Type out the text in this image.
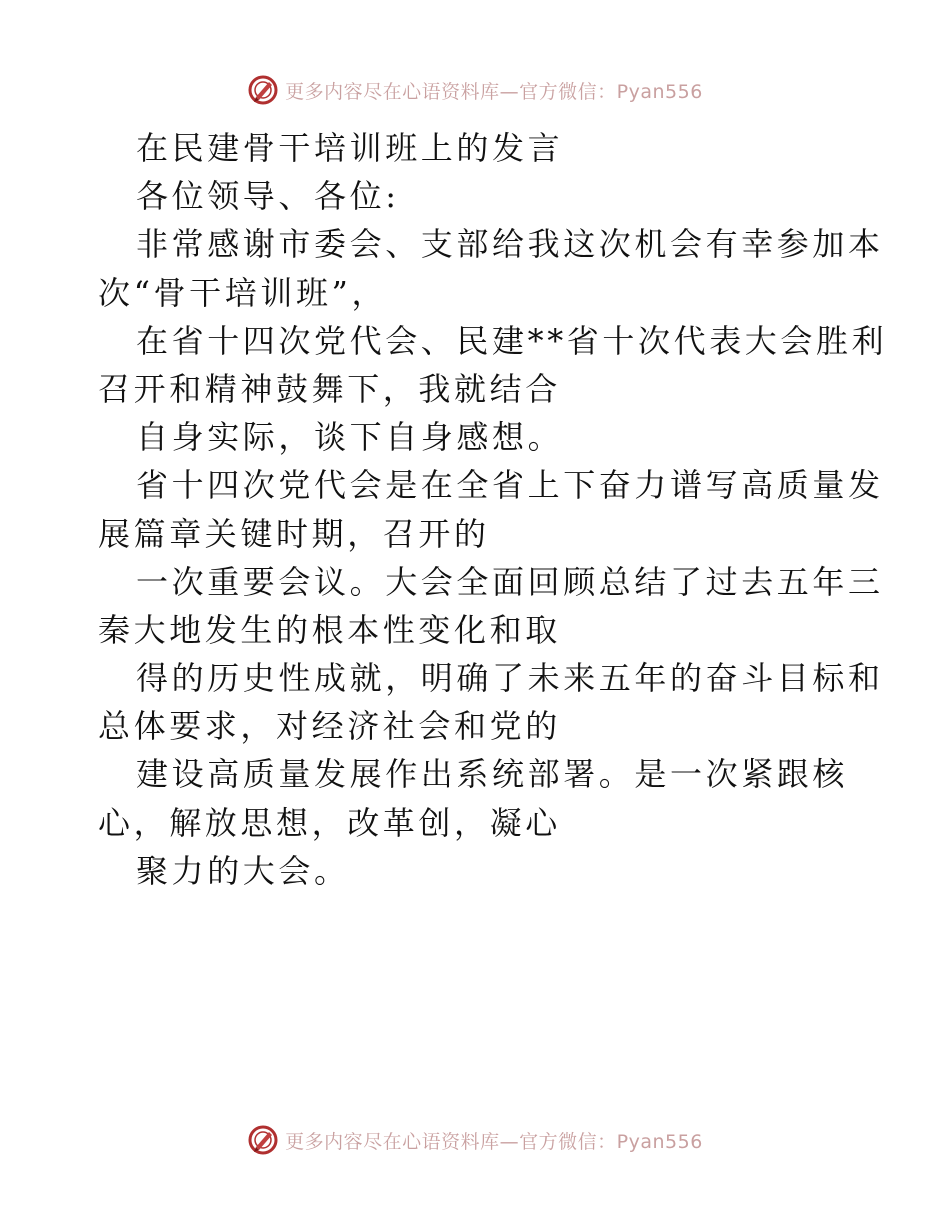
更多内容尽在心语资料库—官方微信：Pyan556
在民建骨干培训班上的发言
各位领导、各位:
非常感谢市委会、支部给我这次机会有幸参加本
次“骨干培训班”，
在省十四次党代会、民建**省十次代表大会胜利
召开和精神鼓舞下，我就结合
自身实际，谈下自身感想。
省十四次党代会是在全省上下奋力谱写高质量发
展篇章关键时期，召开的
一次重要会议。大会全面回顾总结了过去五年三
秦大地发生的根本性变化和取
得的历史性成就，明确了未来五年的奋斗目标和
总体要求，对经济社会和党的
建设高质量发展作出系统部署。是一次紧跟核
心，解放思想，改革创，凝心
聚力的大会。
更多内容尽在心语资料库—官方微信：Pyan556
